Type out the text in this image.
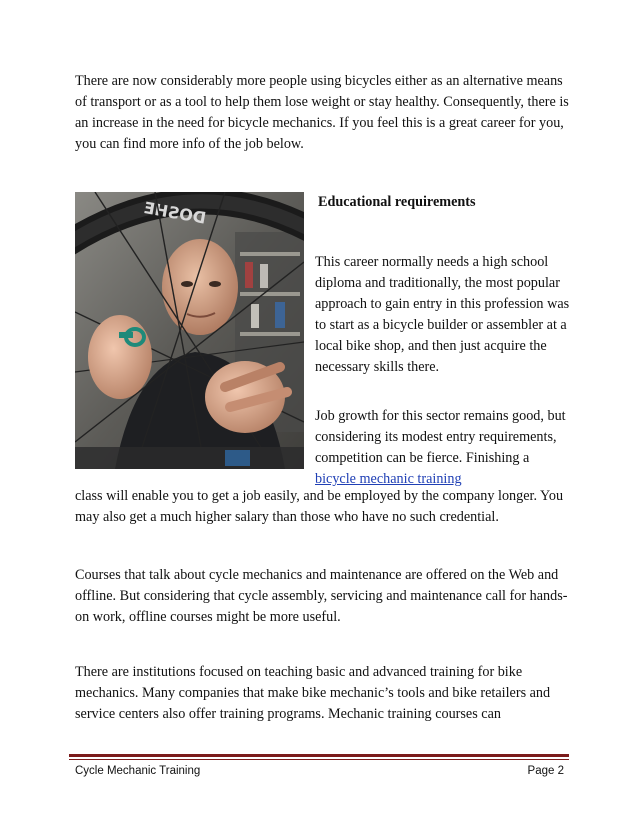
There are now considerably more people using bicycles either as an alternative means of transport or as a tool to help them lose weight or stay healthy. Consequently, there is an increase in the need for bicycle mechanics. If you feel this is a great career for you, you can find more info of the job below.

DOSHE	Educational requirements

This career normally needs a high school diploma and traditionally, the most popular approach to gain entry in this profession was to start as a bicycle builder or assembler at a local bike shop, and then just acquire the necessary skills there.

Job growth for this sector remains good, but considering its modest entry requirements, competition can be fierce. Finishing a bicycle mechanic training

class will enable you to get a job easily, and be employed by the company longer. You may also get a much higher salary than those who have no such credential.

Courses that talk about cycle mechanics and maintenance are offered on the Web and offline. But considering that cycle assembly, servicing and maintenance call for hands-on work, offline courses might be more useful.

There are institutions focused on teaching basic and advanced training for bike mechanics. Many companies that make bike mechanic’s tools and bike retailers and service centers also offer training programs. Mechanic training courses can

Cycle Mechanic Training	Page 2
